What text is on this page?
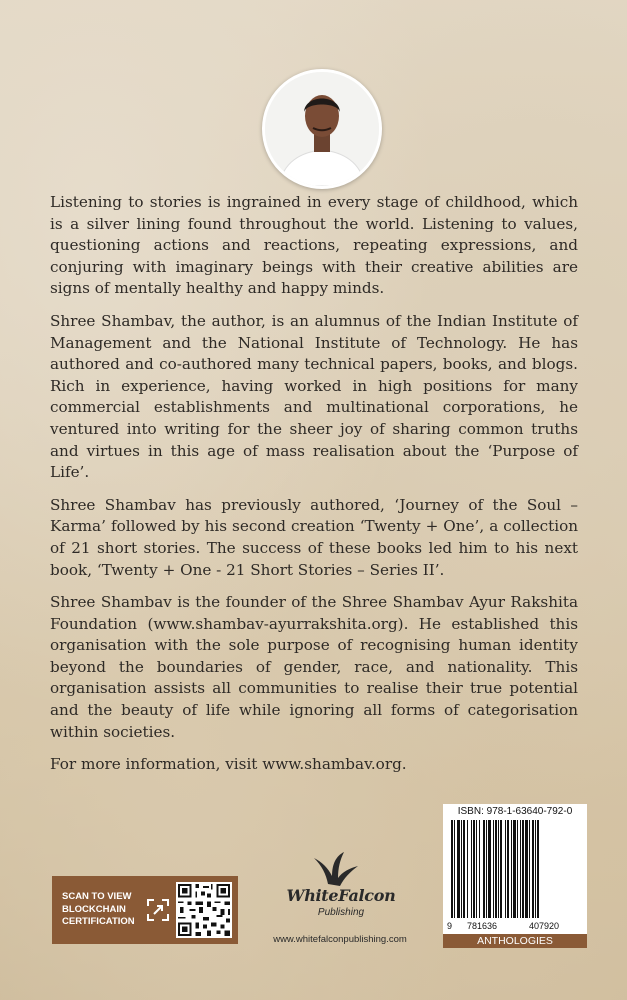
Listening to stories is ingrained in every stage of childhood, which is a silver lining found throughout the world. Listening to values, questioning actions and reactions, repeating expressions, and conjuring with imaginary beings with their creative abilities are signs of mentally healthy and happy minds.

Shree Shambav, the author, is an alumnus of the Indian Institute of Management and the National Institute of Technology. He has authored and co-authored many technical papers, books, and blogs. Rich in experience, having worked in high positions for many commercial establishments and multinational corporations, he ventured into writing for the sheer joy of sharing common truths and virtues in this age of mass realisation about the ‘Purpose of Life’.

Shree Shambav has previously authored, ‘Journey of the Soul – Karma’ followed by his second creation ‘Twenty + One’, a collection of 21 short stories. The success of these books led him to his next book, ‘Twenty + One - 21 Short Stories – Series II’.

Shree Shambav is the founder of the Shree Shambav Ayur Rakshita Foundation (www.shambav-ayurrakshita.org). He established this organisation with the sole purpose of recognising human identity beyond the boundaries of gender, race, and nationality. This organisation assists all communities to realise their true potential and the beauty of life while ignoring all forms of categorisation within societies.

For more information, visit www.shambav.org.

SCAN TO VIEW
BLOCKCHAIN
CERTIFICATION
WhiteFalcon
Publishing
www.whitefalconpublishing.com
ISBN: 978-1-63640-792-0
9 781636	407920
ANTHOLOGIES
